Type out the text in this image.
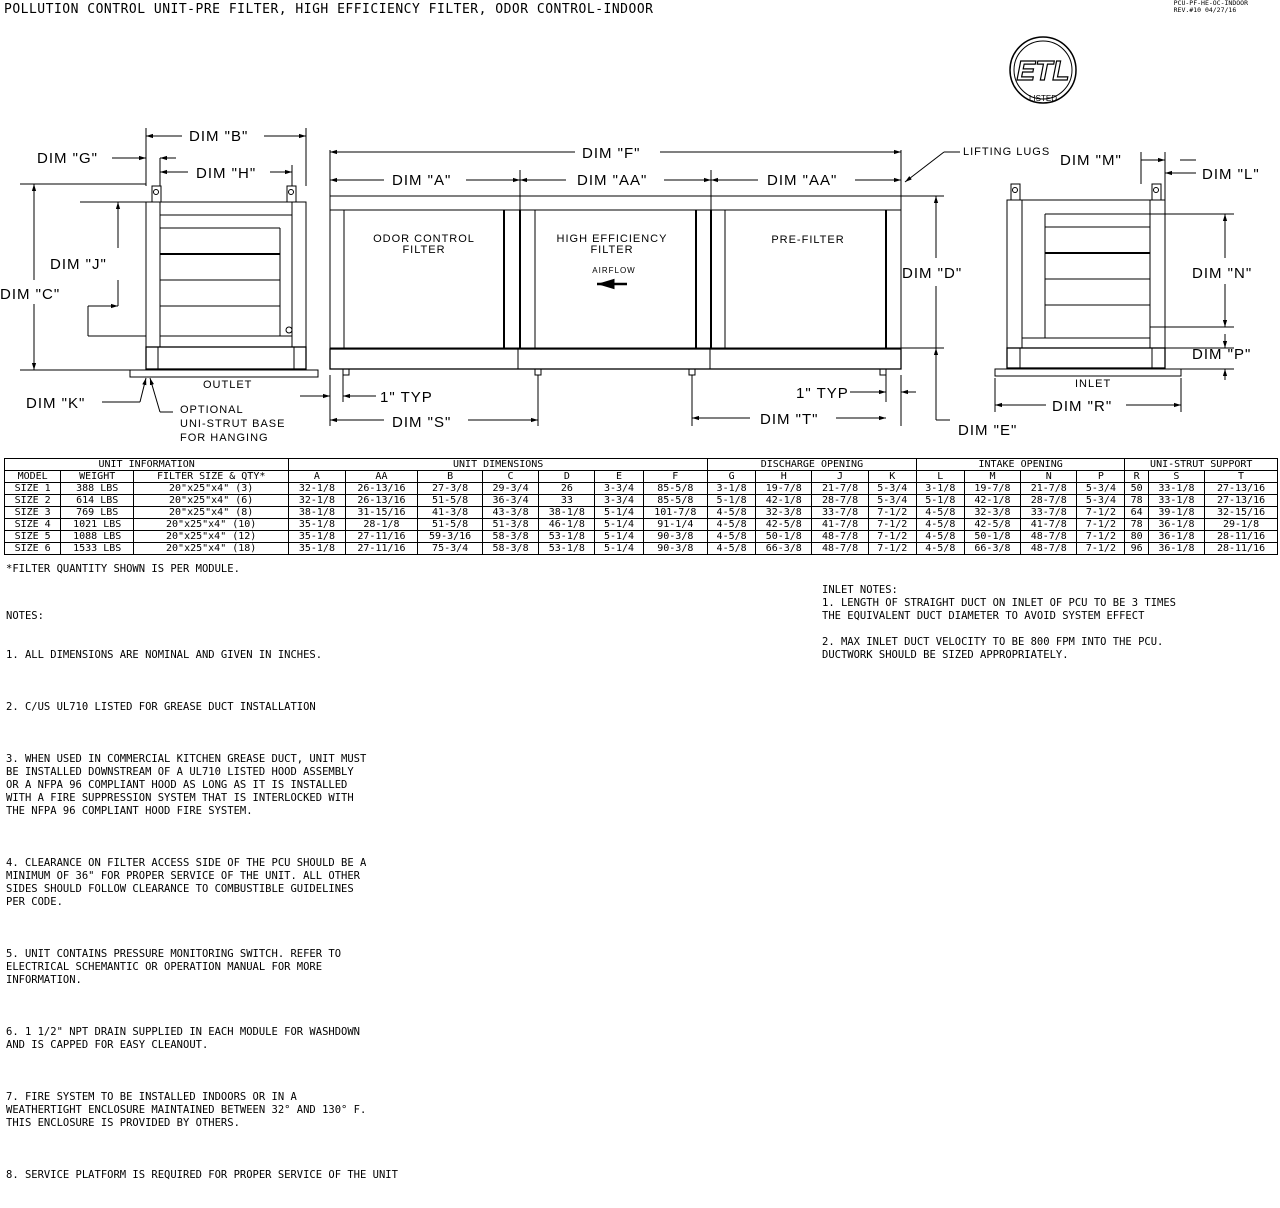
POLLUTION CONTROL UNIT-PRE FILTER, HIGH EFFICIENCY FILTER, ODOR CONTROL-INDOOR	PCU-PF-HE-OC-INDOOR
REV.#10 04/27/16
ETL
LISTED
DIM "B"
DIM "G"
DIM "H"
DIM "J"
DIM "C"
DIM "K"
DIM "F"
DIM "A"	DIM "AA"	DIM "AA"
DIM "D"
DIM "S"	DIM "T"
DIM "E"
DIM "M"
DIM "L"
DIM "N"
DIM "P"
DIM "R"
1" TYP	1" TYP
LIFTING LUGS
OUTLET	INLET
OPTIONAL
UNI-STRUT BASE
FOR HANGING
ODOR CONTROL
FILTER
HIGH EFFICIENCY
FILTER
AIRFLOW
PRE-FILTER
UNIT INFORMATION			UNIT DIMENSIONS							DISCHARGE OPENING				INTAKE OPENING				UNI-STRUT SUPPORT		
MODEL	WEIGHT	FILTER SIZE & QTY*	A	AA	B	C	D	E	F	G	H	J	K	L	M	N	P	R	S	T
SIZE 1	388 LBS	20"x25"x4" (3)	32-1/8	26-13/16	27-3/8	29-3/4	26	3-3/4	85-5/8	3-1/8	19-7/8	21-7/8	5-3/4	3-1/8	19-7/8	21-7/8	5-3/4	50	33-1/8	27-13/16
SIZE 2	614 LBS	20"x25"x4" (6)	32-1/8	26-13/16	51-5/8	36-3/4	33	3-3/4	85-5/8	5-1/8	42-1/8	28-7/8	5-3/4	5-1/8	42-1/8	28-7/8	5-3/4	78	33-1/8	27-13/16
SIZE 3	769 LBS	20"x25"x4" (8)	38-1/8	31-15/16	41-3/8	43-3/8	38-1/8	5-1/4	101-7/8	4-5/8	32-3/8	33-7/8	7-1/2	4-5/8	32-3/8	33-7/8	7-1/2	64	39-1/8	32-15/16
SIZE 4	1021 LBS	20"x25"x4" (10)	35-1/8	28-1/8	51-5/8	51-3/8	46-1/8	5-1/4	91-1/4	4-5/8	42-5/8	41-7/8	7-1/2	4-5/8	42-5/8	41-7/8	7-1/2	78	36-1/8	29-1/8
SIZE 5	1088 LBS	20"x25"x4" (12)	35-1/8	27-11/16	59-3/16	58-3/8	53-1/8	5-1/4	90-3/8	4-5/8	50-1/8	48-7/8	7-1/2	4-5/8	50-1/8	48-7/8	7-1/2	80	36-1/8	28-11/16
SIZE 6	1533 LBS	20"x25"x4" (18)	35-1/8	27-11/16	75-3/4	58-3/8	53-1/8	5-1/4	90-3/8	4-5/8	66-3/8	48-7/8	7-1/2	4-5/8	66-3/8	48-7/8	7-1/2	96	36-1/8	28-11/16
*FILTER QUANTITY SHOWN IS PER MODULE.

NOTES:

1. ALL DIMENSIONS ARE NOMINAL AND GIVEN IN INCHES.

2. C/US UL710 LISTED FOR GREASE DUCT INSTALLATION

3. WHEN USED IN COMMERCIAL KITCHEN GREASE DUCT, UNIT MUST
BE INSTALLED DOWNSTREAM OF A UL710 LISTED HOOD ASSEMBLY
OR A NFPA 96 COMPLIANT HOOD AS LONG AS IT IS INSTALLED
WITH A FIRE SUPPRESSION SYSTEM THAT IS INTERLOCKED WITH
THE NFPA 96 COMPLIANT HOOD FIRE SYSTEM.

4. CLEARANCE ON FILTER ACCESS SIDE OF THE PCU SHOULD BE A
MINIMUM OF 36" FOR PROPER SERVICE OF THE UNIT. ALL OTHER
SIDES SHOULD FOLLOW CLEARANCE TO COMBUSTIBLE GUIDELINES
PER CODE.

5. UNIT CONTAINS PRESSURE MONITORING SWITCH. REFER TO
ELECTRICAL SCHEMANTIC OR OPERATION MANUAL FOR MORE
INFORMATION.

6. 1 1/2" NPT DRAIN SUPPLIED IN EACH MODULE FOR WASHDOWN
AND IS CAPPED FOR EASY CLEANOUT.

7. FIRE SYSTEM TO BE INSTALLED INDOORS OR IN A
WEATHERTIGHT ENCLOSURE MAINTAINED BETWEEN 32° AND 130° F.
THIS ENCLOSURE IS PROVIDED BY OTHERS.

8. SERVICE PLATFORM IS REQUIRED FOR PROPER SERVICE OF THE UNIT

INLET NOTES:

1. LENGTH OF STRAIGHT DUCT ON INLET OF PCU TO BE 3 TIMES
THE EQUIVALENT DUCT DIAMETER TO AVOID SYSTEM EFFECT

2. MAX INLET DUCT VELOCITY TO BE 800 FPM INTO THE PCU.
DUCTWORK SHOULD BE SIZED APPROPRIATELY.
